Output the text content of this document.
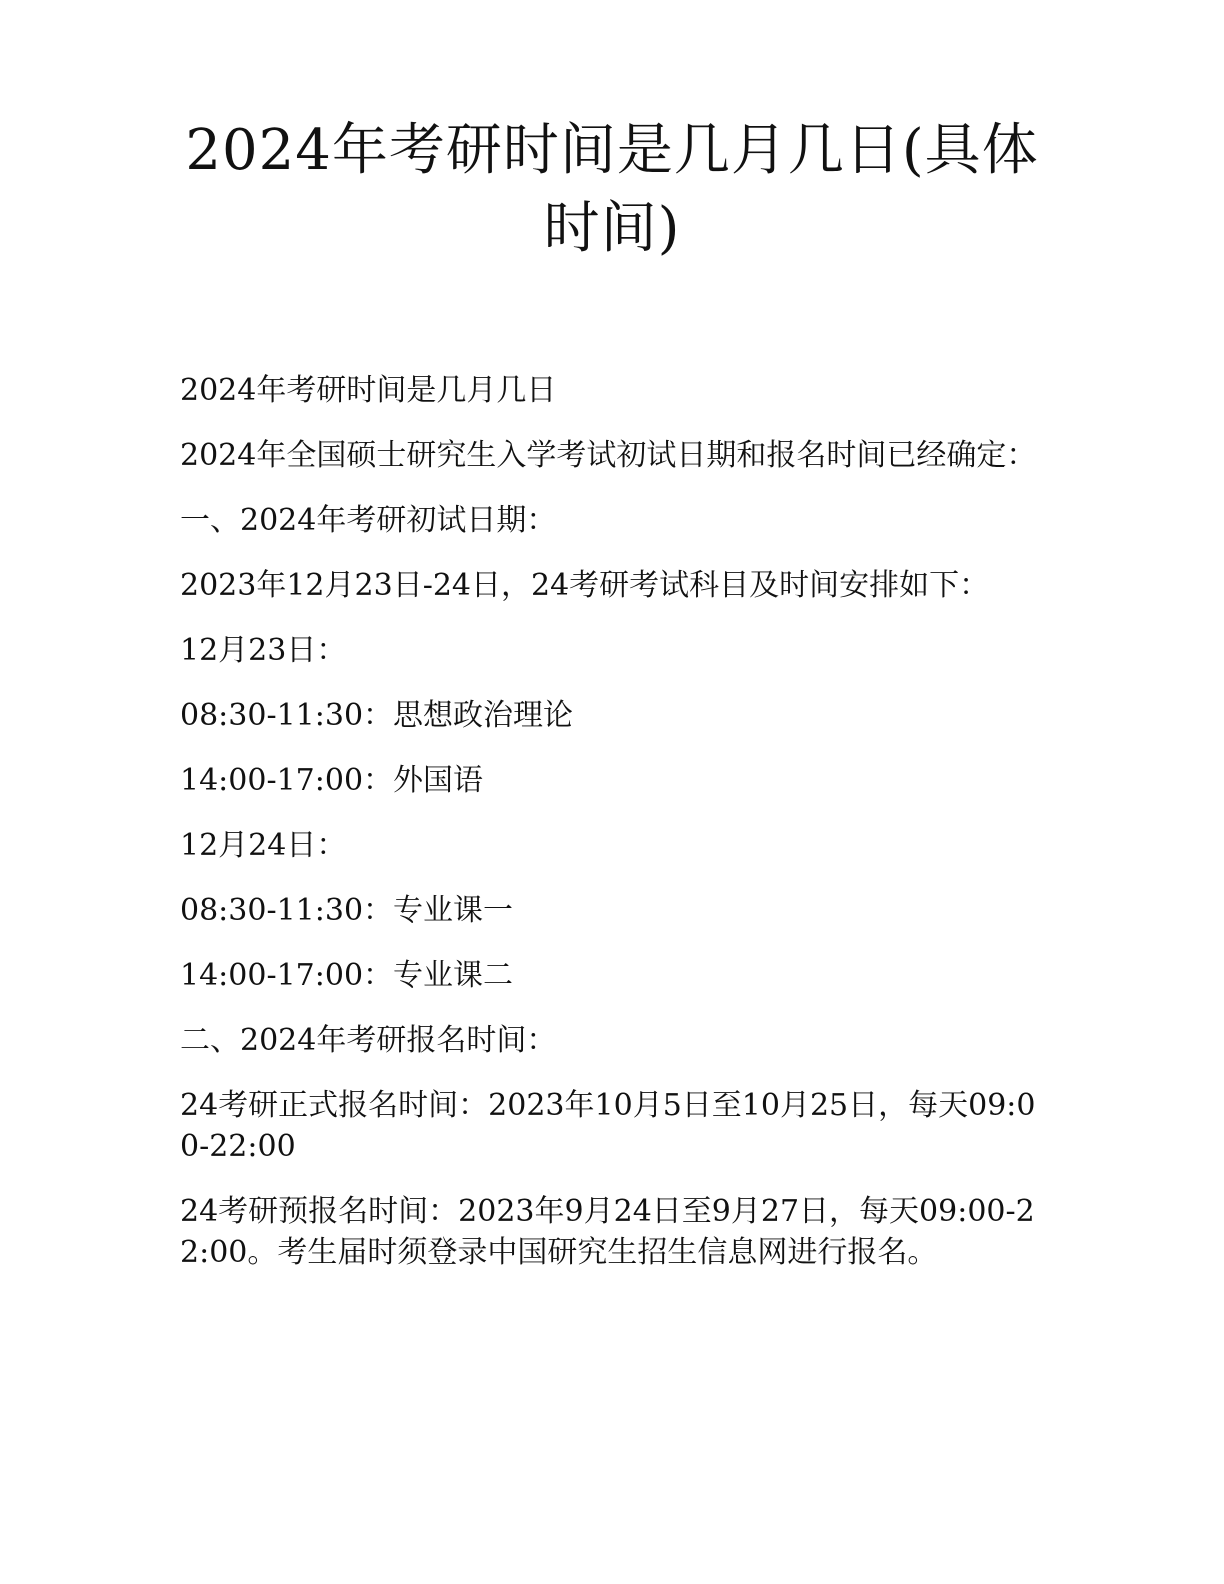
2024年考研时间是几月几日(具体时间)

2024年考研时间是几月几日

2024年全国硕士研究生入学考试初试日期和报名时间已经确定：

一、2024年考研初试日期：

2023年12月23日-24日，24考研考试科目及时间安排如下：

12月23日：

08:30-11:30：思想政治理论

14:00-17:00：外国语

12月24日：

08:30-11:30：专业课一

14:00-17:00：专业课二

二、2024年考研报名时间：

24考研正式报名时间：2023年10月5日至10月25日，每天09:00-22:00

24考研预报名时间：2023年9月24日至9月27日，每天09:00-22:00。考生届时须登录中国研究生招生信息网进行报名。
